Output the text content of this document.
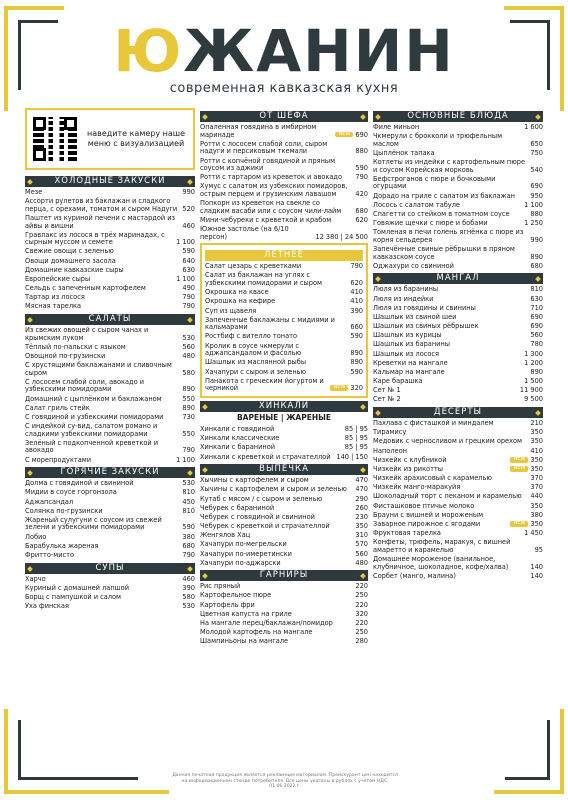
ЮЖАНИН
современная кавказская кухня
наведите камеру наше меню с визуализацией
ХОЛОДНЫЕ ЗАКУСКИ
Мезе	990
Ассорти рулетов из баклажан и сладкого перца, с орехами, томатом и сыром Надуги 520
Паштет из куриной печени с мастардой из айвы и вишни	460
Гравлакс из лосося в трёх маринадах, с сырным муссом и семете	1 100
Свежие овощи с зеленью	590
Овощи домашнего засола	640
Домашние кавказские сыры	630
Европейские сыры	1 100
Сельдь с запеченным картофелем	490
Тартар из лосося	790
Мясная тарелка	790
САЛАТЫ
Из свежих овощей с сыром чанах и крымским луком	530
Тёплый по-пальски с языком	560
Овощной по-грузински	480
С хрустящими баклажанами и сливочным сыром	580
С лососем слабой соли, авокадо и узбекскими помидорами	890
Домашний с цыплёнком и баклажаном	550
Салат гриль стейк	890
С говядиной и узбекскими помидорами	730
С индейкой су-вид, салатом романо и сладкими узбекскими помидорами	550
Зелёный с подкопченной креветкой и авокадо	790
С морепродуктами	1 100
ГОРЯЧИЕ ЗАКУСКИ
Долма с говядиной и свининой	530
Мидии в соусе горгонзола	810
Аджапсандал	450
Солянка по-грузински	810
Жареный сулугуни с соусом из свежей зелени и узбекскими помидорами	590
Лобио	380
Барабулька жареная	680
Фритто-мисто	790
СУПЫ
Харчо	460
Куриный с домашней лапшой	390
Борщ с пампушкой и салом	580
Уха финская	530
ОТ ШЕФА
Опаленная говядина в имбирном маринаде	NEW 690
Ротти с лососем слабой соли, сыром надуги и персиковым ткемали	880
Ротти с копчёной говядиной и пряным соусом из аджики	590
Ротти с тартаром из креветок и авокадо	790
Хумус с салатом из узбекских помидоров, острым перцем и грузинским лавашом	420
Попкорн из креветок на свекле со сладким васаби или с соусом чили-лайм	680
Мини-чебуреки с креветкой и крабом	620
Южное застолье (на 6/10 персон)	12 380 | 24 500
ЛЕТНЕЕ
Салат цезарь с креветками	790
Салат из баклажан на углях с узбекскими помидорами и сыром	620
Окрошка на квасе	410
Окрошка на кефире	410
Суп из щавеля	390
Запеченные баклажаны с мидиями и кальмарами	660
Ростбиф с вителло тонато	590
Кролик в соусе чкмерули с аджапсандалом и фасолью	890
Шашлык из маслянной рыбы	890
Хачапури с сыром и зеленью	590
Панакота с греческим йогуртом и черникой	NEW 320
ХИНКАЛИ
ВАРЕНЫЕ | ЖАРЕНЫЕ
Хинкали с говядиной	85 | 95
Хинкали классические	85 | 95
Хинкали с бараниной	85 | 95
Хинкали с креветкой и страчателлой 140 | 150
ВЫПЕЧКА
Хычины с картофелем и сыром	470
Хычины с картофелем и сыром и зеленью	470
Кутаб с мясом / с сыром и зеленью	290
Чебурек с бараниной	260
Чебурек с говядиной и свининой	230
Чебурек с креветкой и страчателлой	350
Женгялов Хац	310
Хачапури по-мегрельски	570
Хачапури по-имеретински	560
Хачапури по-аджарски	480
ГАРНИРЫ
Рис пряный	220
Картофельное пюре	250
Картофель фри	220
Цветная капуста на гриле	320
На мангале перец/баклажан/помидор	220
Молодой картофель на мангале	250
Шампиньоны на мангале	280
ОСНОВНЫЕ БЛЮДА
Филе миньон	1 600
Чкмерули с брокколи и трюфельным маслом	650
Цыплёнок тапака	750
Котлеты из индейки с картофельным пюре и соусом Корейская морковь	540
Бефстроганов с пюре и бочковыми огурцами	690
Дорадо на гриле с салатом из баклажан	950
Лосось с салатом табуле	1 100
Спагетти со стейком в томатном соусе	880
Говяжие щечки с пюре и бобами	1 250
Томленая в печи голень ягнёнка с пюре из корня сельдерея	990
Запечённые свиные рёбрышки в пряном кавказском соусе	890
Оджахури со свининой	680
МАНГАЛ
Люля из баранины	810
Люля из индейки	630
Люля из говядины и свинины	710
Шашлык из свиной шеи	690
Шашлык из свиных рёбрышек	690
Шашлык из курицы	560
Шашлык из баранины	780
Шашлык из лосося	1 300
Креветки на мангале	1 200
Кальмар на мангале	890
Каре барашка	1 500
Сет № 1	11 900
Сет № 2	9 500
ДЕСЕРТЫ
Пахлава с фисташкой и миндалем	210
Тирамису	350
Медовик с черносливом и грецким орехом	350
Наполеон	410
Чизкейк с клубникой	NEW 350
Чизкейк из рикотты	NEW 350
Чизкейк арахисовый с карамелью	370
Чизкейк манго-маракуйя	370
Шоколадный торт с пеканом и карамелью	440
Фисташковое птичье молоко	350
Брауни с вишней и мороженым	380
Заварное пирожное с ягодами	NEW 350
Фруктовая тарелка	1 450
Конфеты, трюфель, маракуя, с вишней амаретто и карамелью	95
Домашнее мороженое (ванильное, клубничное, шоколадное, кофе/халва)	140
Сорбет (манго, малина)	140
Данная печатная продукция является рекламным материалом. Прейскурант цен находится на информационном стенде потребителя. Все цены указаны в рублях с учетом НДС. 01.06.2022 г.
